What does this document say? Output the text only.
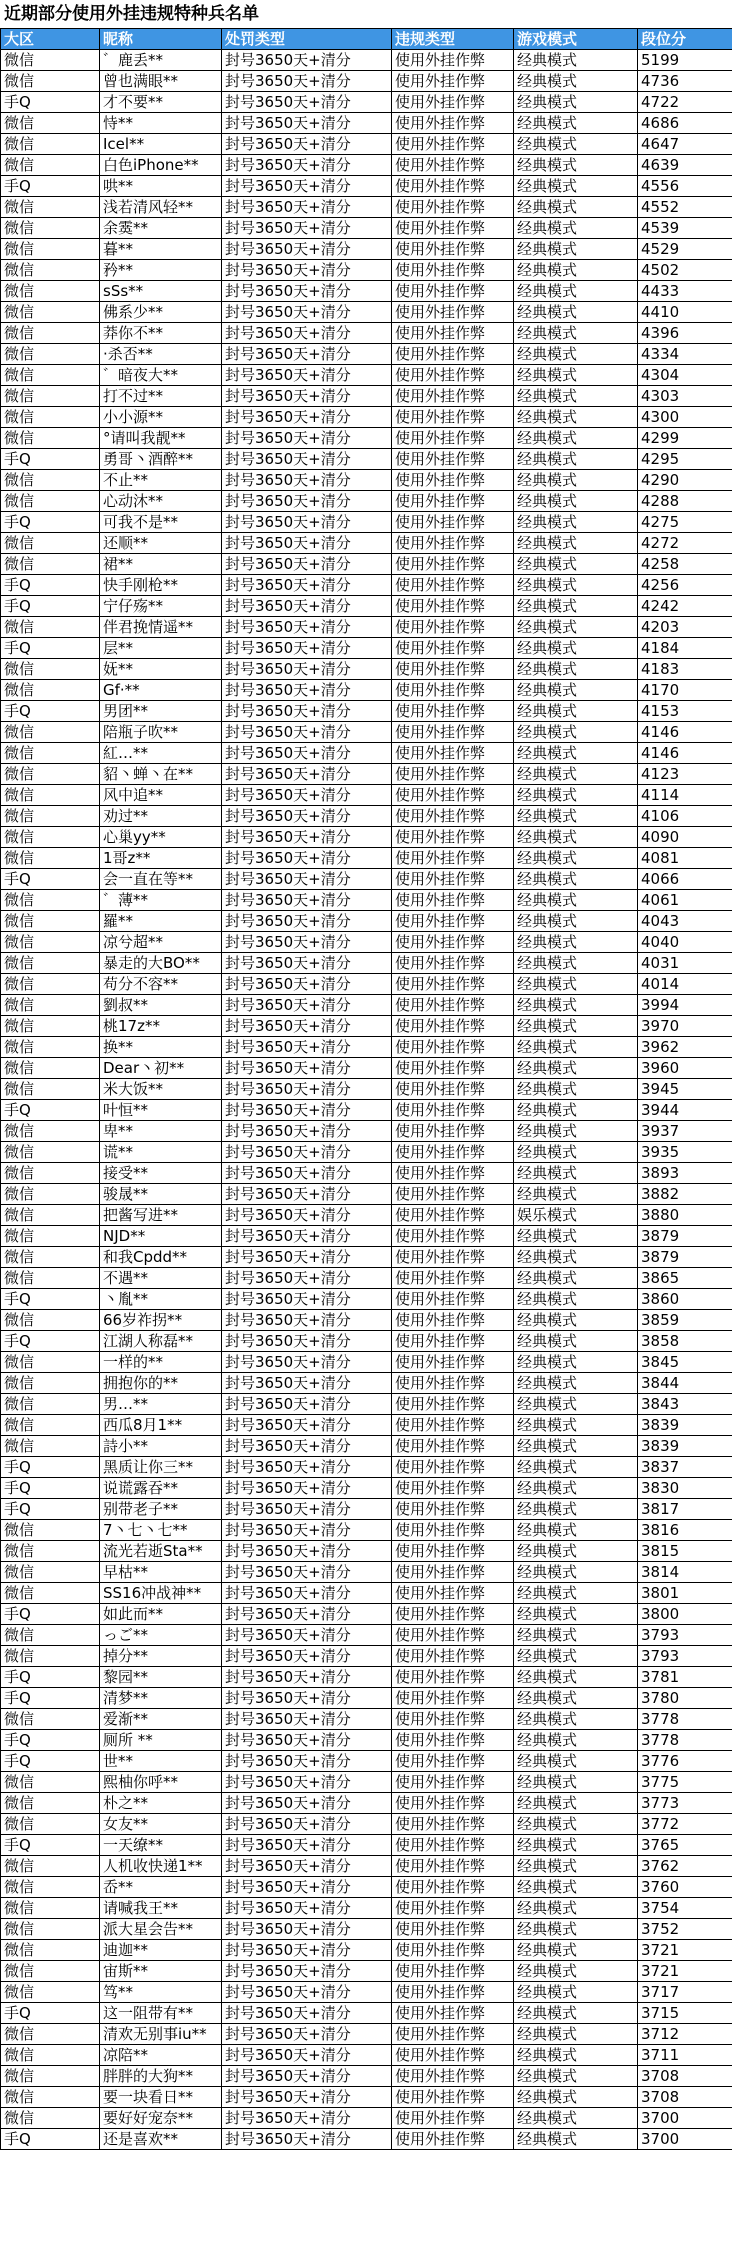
近期部分使用外挂违规特种兵名单
大区	昵称	处罚类型	违规类型	游戏模式	段位分
微信	゛鹿丢**	封号3650天+清分	使用外挂作弊	经典模式	5199
微信	曾也满眼**	封号3650天+清分	使用外挂作弊	经典模式	4736
手Q	才不要**	封号3650天+清分	使用外挂作弊	经典模式	4722
微信	恃**	封号3650天+清分	使用外挂作弊	经典模式	4686
微信	Icel**	封号3650天+清分	使用外挂作弊	经典模式	4647
微信	白色iPhone**	封号3650天+清分	使用外挂作弊	经典模式	4639
手Q	哄**	封号3650天+清分	使用外挂作弊	经典模式	4556
微信	浅若清风轻**	封号3650天+清分	使用外挂作弊	经典模式	4552
微信	余霙**	封号3650天+清分	使用外挂作弊	经典模式	4539
微信	暮**	封号3650天+清分	使用外挂作弊	经典模式	4529
微信	矜**	封号3650天+清分	使用外挂作弊	经典模式	4502
微信	sSs**	封号3650天+清分	使用外挂作弊	经典模式	4433
微信	佛系少**	封号3650天+清分	使用外挂作弊	经典模式	4410
微信	莽你不**	封号3650天+清分	使用外挂作弊	经典模式	4396
微信	·杀否**	封号3650天+清分	使用外挂作弊	经典模式	4334
微信	゛暗夜大**	封号3650天+清分	使用外挂作弊	经典模式	4304
微信	打不过**	封号3650天+清分	使用外挂作弊	经典模式	4303
微信	小小源**	封号3650天+清分	使用外挂作弊	经典模式	4300
微信	°请叫我靓**	封号3650天+清分	使用外挂作弊	经典模式	4299
手Q	勇哥丶酒醉**	封号3650天+清分	使用外挂作弊	经典模式	4295
微信	不止**	封号3650天+清分	使用外挂作弊	经典模式	4290
微信	心动沐**	封号3650天+清分	使用外挂作弊	经典模式	4288
手Q	可我不是**	封号3650天+清分	使用外挂作弊	经典模式	4275
微信	还顺**	封号3650天+清分	使用外挂作弊	经典模式	4272
微信	裙**	封号3650天+清分	使用外挂作弊	经典模式	4258
手Q	快手刚枪**	封号3650天+清分	使用外挂作弊	经典模式	4256
手Q	宁仔殇**	封号3650天+清分	使用外挂作弊	经典模式	4242
微信	伴君挽情遥**	封号3650天+清分	使用外挂作弊	经典模式	4203
手Q	层**	封号3650天+清分	使用外挂作弊	经典模式	4184
微信	妩**	封号3650天+清分	使用外挂作弊	经典模式	4183
微信	Gf·**	封号3650天+清分	使用外挂作弊	经典模式	4170
手Q	男团**	封号3650天+清分	使用外挂作弊	经典模式	4153
微信	陪瓶子吹**	封号3650天+清分	使用外挂作弊	经典模式	4146
微信	紅…**	封号3650天+清分	使用外挂作弊	经典模式	4146
微信	貂丶蝉丶在**	封号3650天+清分	使用外挂作弊	经典模式	4123
微信	风中追**	封号3650天+清分	使用外挂作弊	经典模式	4114
微信	劝过**	封号3650天+清分	使用外挂作弊	经典模式	4106
微信	心巢yy**	封号3650天+清分	使用外挂作弊	经典模式	4090
微信	1哥z**	封号3650天+清分	使用外挂作弊	经典模式	4081
手Q	会一直在等**	封号3650天+清分	使用外挂作弊	经典模式	4066
微信	゛薄**	封号3650天+清分	使用外挂作弊	经典模式	4061
微信	羅**	封号3650天+清分	使用外挂作弊	经典模式	4043
微信	凉兮超**	封号3650天+清分	使用外挂作弊	经典模式	4040
微信	暴走的大BO**	封号3650天+清分	使用外挂作弊	经典模式	4031
微信	苟分不容**	封号3650天+清分	使用外挂作弊	经典模式	4014
微信	劉叔**	封号3650天+清分	使用外挂作弊	经典模式	3994
微信	桃17z**	封号3650天+清分	使用外挂作弊	经典模式	3970
微信	换**	封号3650天+清分	使用外挂作弊	经典模式	3962
微信	Dear丶初**	封号3650天+清分	使用外挂作弊	经典模式	3960
微信	米大饭**	封号3650天+清分	使用外挂作弊	经典模式	3945
手Q	叶恒**	封号3650天+清分	使用外挂作弊	经典模式	3944
微信	卑**	封号3650天+清分	使用外挂作弊	经典模式	3937
微信	谎**	封号3650天+清分	使用外挂作弊	经典模式	3935
微信	接受**	封号3650天+清分	使用外挂作弊	经典模式	3893
微信	骏晟**	封号3650天+清分	使用外挂作弊	经典模式	3882
微信	把酱写进**	封号3650天+清分	使用外挂作弊	娱乐模式	3880
微信	NJD**	封号3650天+清分	使用外挂作弊	经典模式	3879
微信	和我Cpdd**	封号3650天+清分	使用外挂作弊	经典模式	3879
微信	不遇**	封号3650天+清分	使用外挂作弊	经典模式	3865
手Q	丶胤**	封号3650天+清分	使用外挂作弊	经典模式	3860
微信	66岁祚拐**	封号3650天+清分	使用外挂作弊	经典模式	3859
手Q	江湖人称磊**	封号3650天+清分	使用外挂作弊	经典模式	3858
微信	一样的**	封号3650天+清分	使用外挂作弊	经典模式	3845
微信	拥抱你的**	封号3650天+清分	使用外挂作弊	经典模式	3844
微信	男…**	封号3650天+清分	使用外挂作弊	经典模式	3843
微信	西瓜8月1**	封号3650天+清分	使用外挂作弊	经典模式	3839
微信	詩小**	封号3650天+清分	使用外挂作弊	经典模式	3839
手Q	黑质让你三**	封号3650天+清分	使用外挂作弊	经典模式	3837
手Q	说谎露吞**	封号3650天+清分	使用外挂作弊	经典模式	3830
手Q	别带老子**	封号3650天+清分	使用外挂作弊	经典模式	3817
微信	7丶七丶七**	封号3650天+清分	使用外挂作弊	经典模式	3816
微信	流光若逝Sta**	封号3650天+清分	使用外挂作弊	经典模式	3815
微信	早枯**	封号3650天+清分	使用外挂作弊	经典模式	3814
微信	SS16冲战神**	封号3650天+清分	使用外挂作弊	经典模式	3801
手Q	如此而**	封号3650天+清分	使用外挂作弊	经典模式	3800
微信	っご**	封号3650天+清分	使用外挂作弊	经典模式	3793
微信	掉分**	封号3650天+清分	使用外挂作弊	经典模式	3793
手Q	黎园**	封号3650天+清分	使用外挂作弊	经典模式	3781
手Q	清梦**	封号3650天+清分	使用外挂作弊	经典模式	3780
微信	爱渐**	封号3650天+清分	使用外挂作弊	经典模式	3778
手Q	厕所 **	封号3650天+清分	使用外挂作弊	经典模式	3778
手Q	世**	封号3650天+清分	使用外挂作弊	经典模式	3776
微信	熙柚你呼**	封号3650天+清分	使用外挂作弊	经典模式	3775
微信	朴之**	封号3650天+清分	使用外挂作弊	经典模式	3773
微信	女友**	封号3650天+清分	使用外挂作弊	经典模式	3772
手Q	一天缭**	封号3650天+清分	使用外挂作弊	经典模式	3765
微信	人机收快递1**	封号3650天+清分	使用外挂作弊	经典模式	3762
微信	岙**	封号3650天+清分	使用外挂作弊	经典模式	3760
微信	请喊我王**	封号3650天+清分	使用外挂作弊	经典模式	3754
微信	派大星会告**	封号3650天+清分	使用外挂作弊	经典模式	3752
微信	迪迦**	封号3650天+清分	使用外挂作弊	经典模式	3721
微信	宙斯**	封号3650天+清分	使用外挂作弊	经典模式	3721
微信	笃**	封号3650天+清分	使用外挂作弊	经典模式	3717
手Q	这一阻带有**	封号3650天+清分	使用外挂作弊	经典模式	3715
微信	清欢无别事iu**	封号3650天+清分	使用外挂作弊	经典模式	3712
微信	凉陪**	封号3650天+清分	使用外挂作弊	经典模式	3711
微信	胖胖的大狗**	封号3650天+清分	使用外挂作弊	经典模式	3708
微信	要一块看日**	封号3650天+清分	使用外挂作弊	经典模式	3708
微信	要好好宠奈**	封号3650天+清分	使用外挂作弊	经典模式	3700
手Q	还是喜欢**	封号3650天+清分	使用外挂作弊	经典模式	3700
